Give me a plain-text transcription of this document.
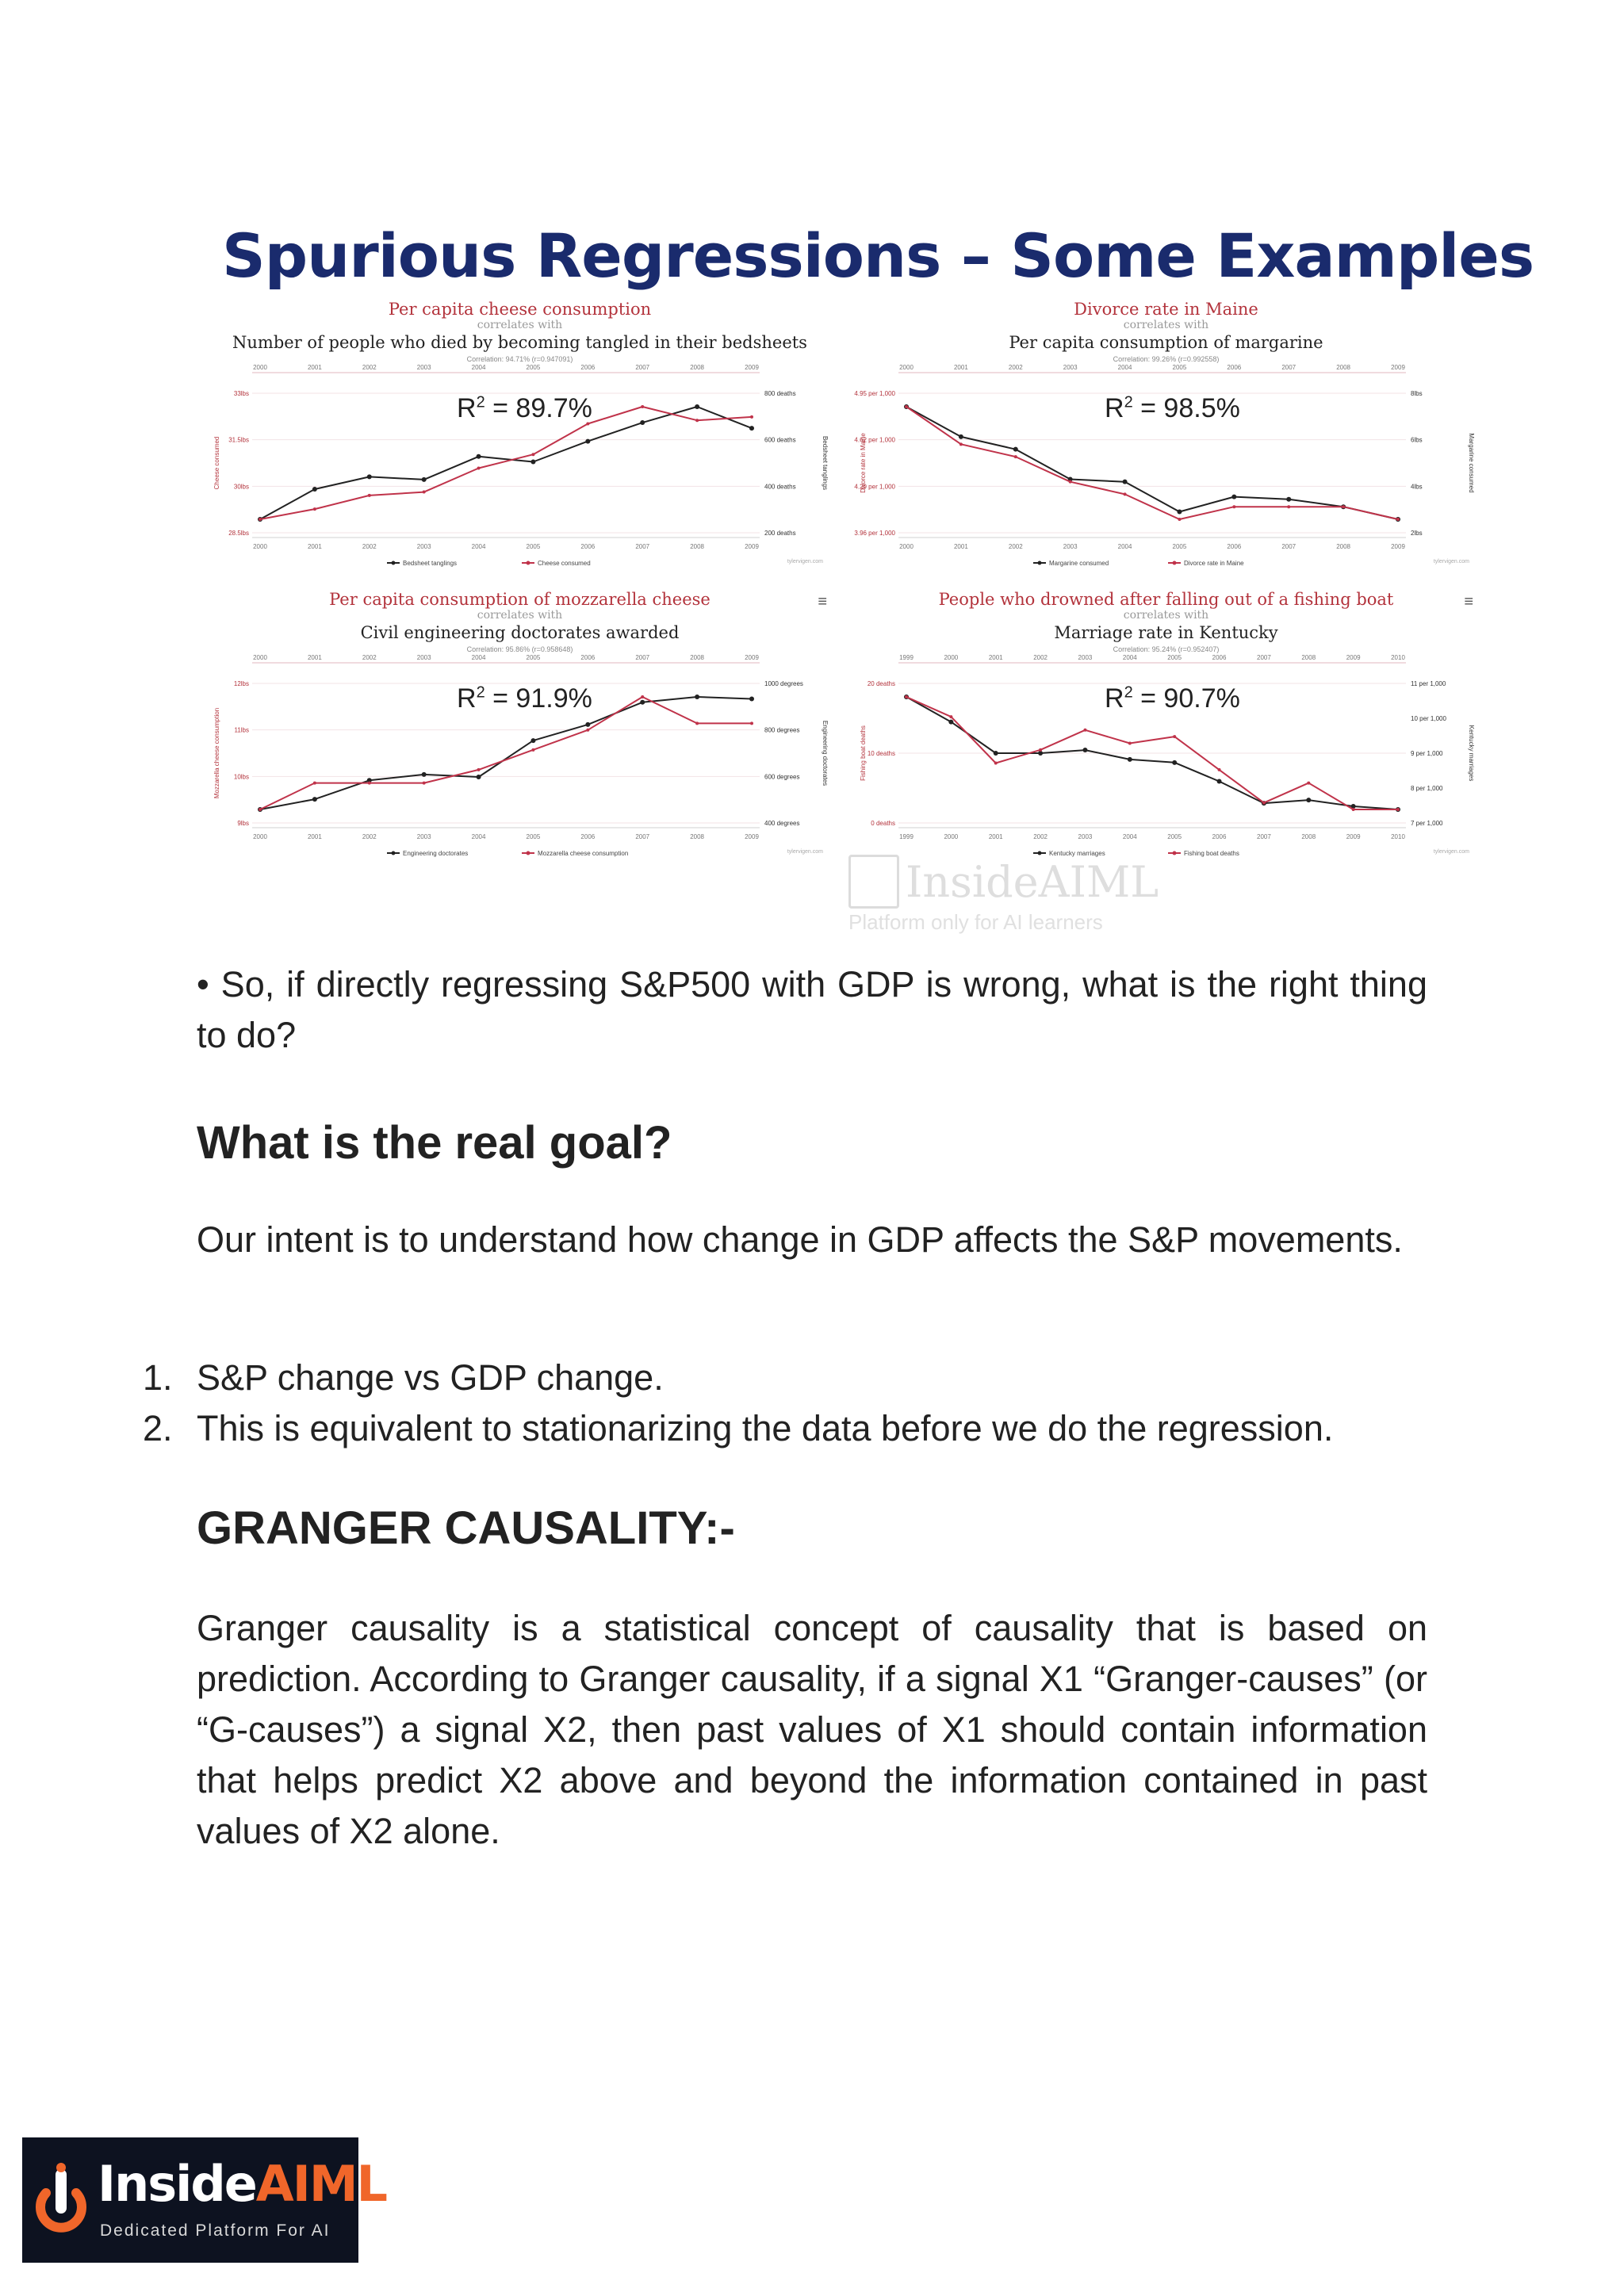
Spurious Regressions – Some Examples
Per capita cheese consumption
correlates with
Number of people who died by becoming tangled in their bedsheets
Correlation: 94.71% (r=0.947091)
2000
2000
2001
2001
2002
2002
2003
2003
2004
2004
2005
2005
2006
2006
2007
2007
2008
2008
2009
2009
33lbs
31.5lbs
30lbs
28.5lbs
800 deaths
600 deaths
400 deaths
200 deaths
Cheese consumed	Bedsheet tanglings
Bedsheet tanglings	Cheese consumed	tylervigen.com
$R^2 = 89.7\%$
Divorce rate in Maine
correlates with
Per capita consumption of margarine
Correlation: 99.26% (r=0.992558)
2000
2000
2001
2001
2002
2002
2003
2003
2004
2004
2005
2005
2006
2006
2007
2007
2008
2008
2009
2009
4.95 per 1,000
4.62 per 1,000
4.29 per 1,000
3.96 per 1,000
8lbs
6lbs
4lbs
2lbs
Divorce rate in Maine	Margarine consumed
Margarine consumed	Divorce rate in Maine	tylervigen.com
$R^2 = 98.5\%$
Per capita consumption of mozzarella cheese
correlates with
Civil engineering doctorates awarded
Correlation: 95.86% (r=0.958648)
≡
2000
2000
2001
2001
2002
2002
2003
2003
2004
2004
2005
2005
2006
2006
2007
2007
2008
2008
2009
2009
12lbs
11lbs
10lbs
9lbs
1000 degrees
800 degrees
600 degrees
400 degrees
Mozzarella cheese consumption	Engineering doctorates
Engineering doctorates	Mozzarella cheese consumption	tylervigen.com
$R^2 = 91.9\%$
People who drowned after falling out of a fishing boat
correlates with
Marriage rate in Kentucky
Correlation: 95.24% (r=0.952407)
≡
1999
1999
2000
2000
2001
2001
2002
2002
2003
2003
2004
2004
2005
2005
2006
2006
2007
2007
2008
2008
2009
2009
2010
2010
20 deaths
10 deaths
0 deaths
11 per 1,000
10 per 1,000
9 per 1,000
8 per 1,000
7 per 1,000
Fishing boat deaths	Kentucky marriages
Kentucky marriages	Fishing boat deaths	tylervigen.com
$R^2 = 90.7\%$
InsideAIML
Platform only for AI learners
• So, if directly regressing S&P500 with GDP is wrong, what is the right thing to do?
What is the real goal?
Our intent is to understand how change in GDP affects the S&P movements.
1. S&P change vs GDP change.
2. This is equivalent to stationarizing the data before we do the regression.
GRANGER CAUSALITY:-
Granger causality is a statistical concept of causality that is based on prediction. According to Granger causality, if a signal X1 “Granger-causes” (or “G-causes”) a signal X2, then past values of X1 should contain information that helps predict X2 above and beyond the information contained in past values of X2 alone.
InsideAIML
Dedicated Platform For AI
